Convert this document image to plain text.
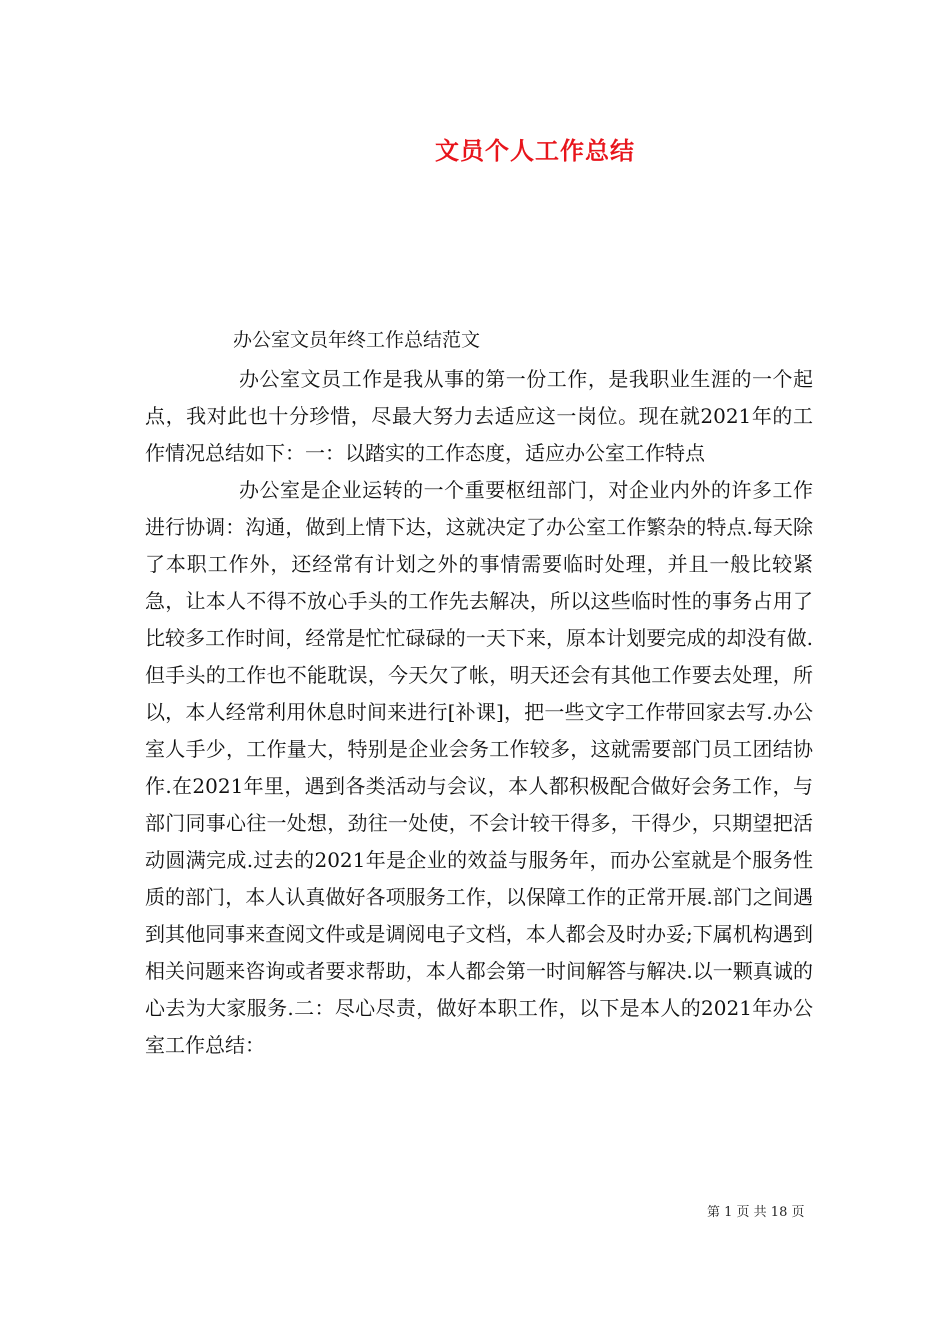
文员个人工作总结
办公室文员年终工作总结范文

办公室文员工作是我从事的第一份工作，是我职业生涯的一个起点，我对此也十分珍惜，尽最大努力去适应这一岗位。现在就2021年的工作情况总结如下：一：以踏实的工作态度，适应办公室工作特点

办公室是企业运转的一个重要枢纽部门，对企业内外的许多工作进行协调：沟通，做到上情下达，这就决定了办公室工作繁杂的特点.每天除了本职工作外，还经常有计划之外的事情需要临时处理，并且一般比较紧急，让本人不得不放心手头的工作先去解决，所以这些临时性的事务占用了比较多工作时间，经常是忙忙碌碌的一天下来，原本计划要完成的却没有做.但手头的工作也不能耽误，今天欠了帐，明天还会有其他工作要去处理，所以，本人经常利用休息时间来进行[补课]，把一些文字工作带回家去写.办公室人手少，工作量大，特别是企业会务工作较多，这就需要部门员工团结协作.在2021年里，遇到各类活动与会议，本人都积极配合做好会务工作，与部门同事心往一处想，劲往一处使，不会计较干得多，干得少，只期望把活动圆满完成.过去的2021年是企业的效益与服务年，而办公室就是个服务性质的部门，本人认真做好各项服务工作，以保障工作的正常开展.部门之间遇到其他同事来查阅文件或是调阅电子文档，本人都会及时办妥;下属机构遇到相关问题来咨询或者要求帮助，本人都会第一时间解答与解决.以一颗真诚的心去为大家服务.二：尽心尽责，做好本职工作，以下是本人的2021年办公室工作总结：

第 1 页 共 18 页
